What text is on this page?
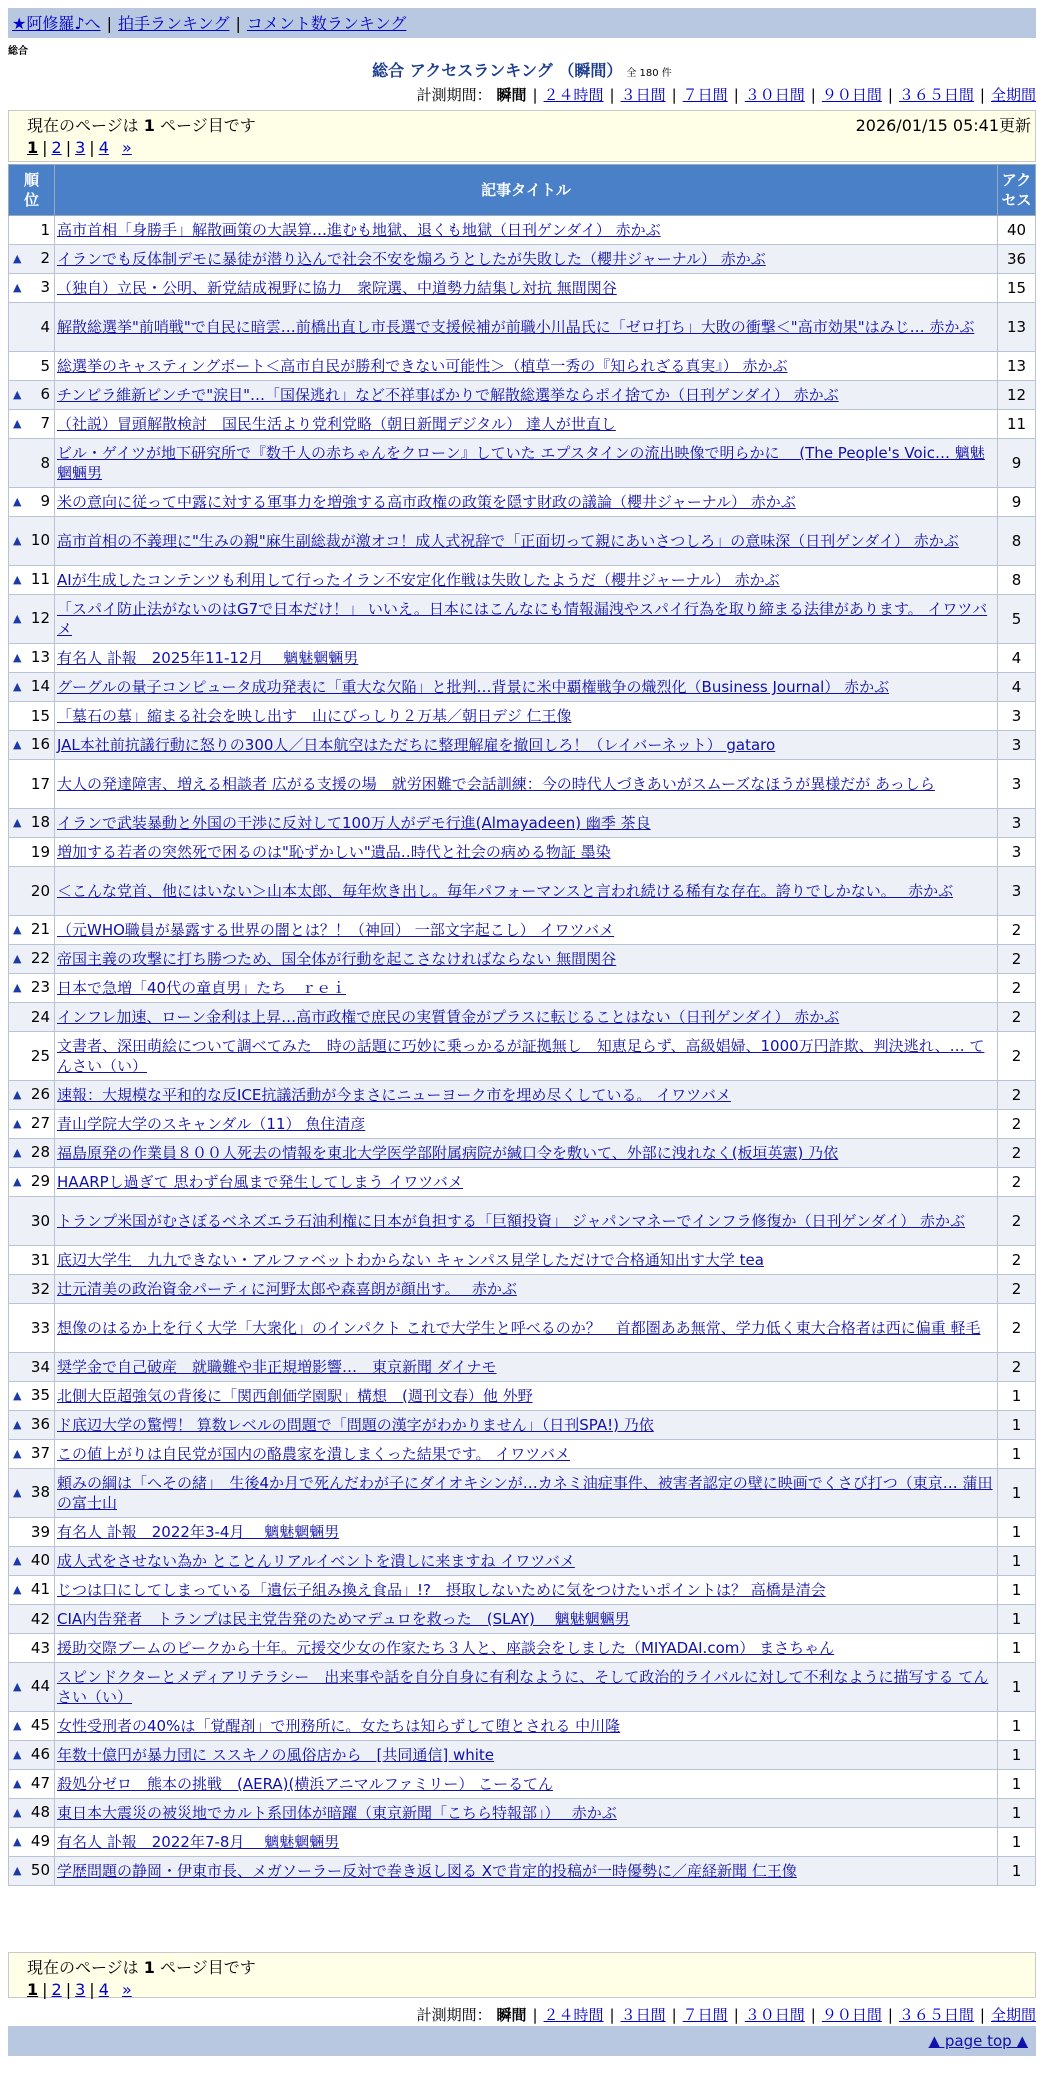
★阿修羅♪へ | 拍手ランキング | コメント数ランキング
総合
総合 アクセスランキング （瞬間） 全 180 件
計測期間： 瞬間 | ２４時間 | ３日間 | ７日間 | ３０日間 | ９０日間 | ３６５日間 | 全期間
現在のページは 1 ページ目です	2026/01/15 05:41更新
1 | 2 | 3 | 4 »
順
位	記事タイトル	アク
セス
1	高市首相「身勝手」解散画策の大誤算…進むも地獄、退くも地獄（日刊ゲンダイ） 赤かぶ	40

▲ 2	イランでも反体制デモに暴徒が潜り込んで社会不安を煽ろうとしたが失敗した（櫻井ジャーナル） 赤かぶ	36

▲ 3	（独自）立民・公明、新党結成視野に協力　衆院選、中道勢力結集し対抗 無間関谷	15
4	解散総選挙"前哨戦"で自民に暗雲…前橋出直し市長選で支援候補が前職小川晶氏に「ゼロ打ち」大敗の衝撃＜"高市効果"はみじ… 赤かぶ	13
5	総選挙のキャスティングボート＜高市自民が勝利できない可能性＞（植草一秀の『知られざる真実』） 赤かぶ	13

▲ 6	チンピラ維新ピンチで"涙目"…「国保逃れ」など不祥事ばかりで解散総選挙ならポイ捨てか（日刊ゲンダイ） 赤かぶ	12

▲ 7	（社説）冒頭解散検討　国民生活より党利党略（朝日新聞デジタル） 達人が世直し	11
8	ビル・ゲイツが地下研究所で『数千人の赤ちゃんをクローン』していた エプスタインの流出映像で明らかに　 (The People's Voic… 魑魅魍魎男	9

▲ 9	米の意向に従って中露に対する軍事力を増強する高市政権の政策を隠す財政の議論（櫻井ジャーナル） 赤かぶ	9

▲ 10	高市首相の不義理に"生みの親"麻生副総裁が激オコ！成人式祝辞で「正面切って親にあいさつしろ」の意味深（日刊ゲンダイ） 赤かぶ	8

▲ 11	AIが生成したコンテンツも利用して行ったイラン不安定化作戦は失敗したようだ（櫻井ジャーナル） 赤かぶ	8

▲ 12	「スパイ防止法がないのはG7で日本だけ！」 いいえ。日本にはこんなにも情報漏洩やスパイ行為を取り締まる法律があります。 イワツバメ	5

▲ 13	有名人 訃報　2025年11-12月　 魑魅魍魎男	4

▲ 14	グーグルの量子コンピュータ成功発表に「重大な欠陥」と批判…背景に米中覇権戦争の熾烈化（Business Journal） 赤かぶ	4
15	「墓石の墓」縮まる社会を映し出す　山にびっしり２万基／朝日デジ 仁王像	3

▲ 16	JAL本社前抗議行動に怒りの300人／日本航空はただちに整理解雇を撤回しろ！（レイバーネット） gataro	3
17	大人の発達障害、増える相談者 広がる支援の場　就労困難で会話訓練：今の時代人づきあいがスムーズなほうが異様だが あっしら	3

▲ 18	イランで武装暴動と外国の干渉に反対して100万人がデモ行進(Almayadeen) 幽季 茶良	3
19	増加する若者の突然死で困るのは"恥ずかしい"遺品‥時代と社会の病める物証 墨染	3
20	＜こんな党首、他にはいない＞山本太郎、毎年炊き出し。毎年パフォーマンスと言われ続ける稀有な存在。誇りでしかない。　 赤かぶ	3

▲ 21	（元WHO職員が暴露する世界の闇とは？！（神回） 一部文字起こし） イワツバメ	2

▲ 22	帝国主義の攻撃に打ち勝つため、国全体が行動を起こさなければならない 無間関谷	2

▲ 23	日本で急増「40代の童貞男」たち　ｒｅｉ	2
24	インフレ加速、ローン金利は上昇…高市政権で庶民の実質賃金がプラスに転じることはない（日刊ゲンダイ） 赤かぶ	2
25	文書者、深田萌絵について調べてみた　時の話題に巧妙に乗っかるが証拠無し　知恵足らず、高級娼婦、1000万円詐欺、判決逃れ、… てんさい（い）	2

▲ 26	速報：大規模な平和的な反ICE抗議活動が今まさにニューヨーク市を埋め尽くしている。 イワツバメ	2

▲ 27	青山学院大学のスキャンダル（11） 魚住清彦	2

▲ 28	福島原発の作業員８００人死去の情報を東北大学医学部附属病院が緘口令を敷いて、外部に洩れなく(板垣英憲) 乃依	2

▲ 29	HAARPし過ぎて 思わず台風まで発生してしまう イワツバメ	2
30	トランプ米国がむさぼるベネズエラ石油利権に日本が負担する「巨額投資」 ジャパンマネーでインフラ修復か（日刊ゲンダイ） 赤かぶ	2
31	底辺大学生　九九できない・アルファベットわからない キャンパス見学しただけで合格通知出す大学 tea	2
32	辻元清美の政治資金パーティに河野太郎や森喜朗が顔出す。　 赤かぶ	2
33	想像のはるか上を行く大学「大衆化」のインパクト これで大学生と呼べるのか？　首都圏ああ無常、学力低く東大合格者は西に偏重 軽毛	2
34	奨学金で自己破産　就職難や非正規増影響…　東京新聞 ダイナモ	2

▲ 35	北側大臣超強気の背後に「関西創価学園駅」構想　(週刊文春）他 外野	1

▲ 36	ド底辺大学の驚愕！ 算数レベルの問題で「問題の漢字がわかりません」（日刊SPA!) 乃依	1

▲ 37	この値上がりは自民党が国内の酪農家を潰しまくった結果です。 イワツバメ	1

▲ 38	頼みの綱は「へその緒」　生後4か月で死んだわが子にダイオキシンが…カネミ油症事件、被害者認定の壁に映画でくさび打つ（東京… 蒲田の富士山	1
39	有名人 訃報　2022年3-4月　 魑魅魍魎男	1

▲ 40	成人式をさせない為か とことんリアルイベントを潰しに来ますね イワツバメ	1

▲ 41	じつは口にしてしまっている「遺伝子組み換え食品」!?　摂取しないために気をつけたいポイントは？ 高橋是清会	1
42	CIA内告発者　トランプは民主党告発のためマデュロを救った　(SLAY)　 魑魅魍魎男	1
43	援助交際ブームのピークから十年。元援交少女の作家たち３人と、座談会をしました（MIYADAI.com） まさちゃん	1

▲ 44	スピンドクターとメディアリテラシー　出来事や話を自分自身に有利なように、そして政治的ライバルに対して不利なように描写する てんさい（い）	1

▲ 45	女性受刑者の40%は「覚醒剤」で刑務所に。女たちは知らずして堕とされる 中川隆	1

▲ 46	年数十億円が暴力団に ススキノの風俗店から　[共同通信] white	1

▲ 47	殺処分ゼロ　熊本の挑戦　(AERA)(横浜アニマルファミリー） こーるてん	1

▲ 48	東日本大震災の被災地でカルト系団体が暗躍（東京新聞「こちら特報部」）　 赤かぶ	1

▲ 49	有名人 訃報　2022年7-8月　 魑魅魍魎男	1

▲ 50	学歴問題の静岡・伊東市長、メガソーラー反対で巻き返し図る Xで肯定的投稿が一時優勢に／産経新聞 仁王像	1
現在のページは 1 ページ目です
1 | 2 | 3 | 4 »
計測期間： 瞬間 | ２４時間 | ３日間 | ７日間 | ３０日間 | ９０日間 | ３６５日間 | 全期間
▲ page top ▲
